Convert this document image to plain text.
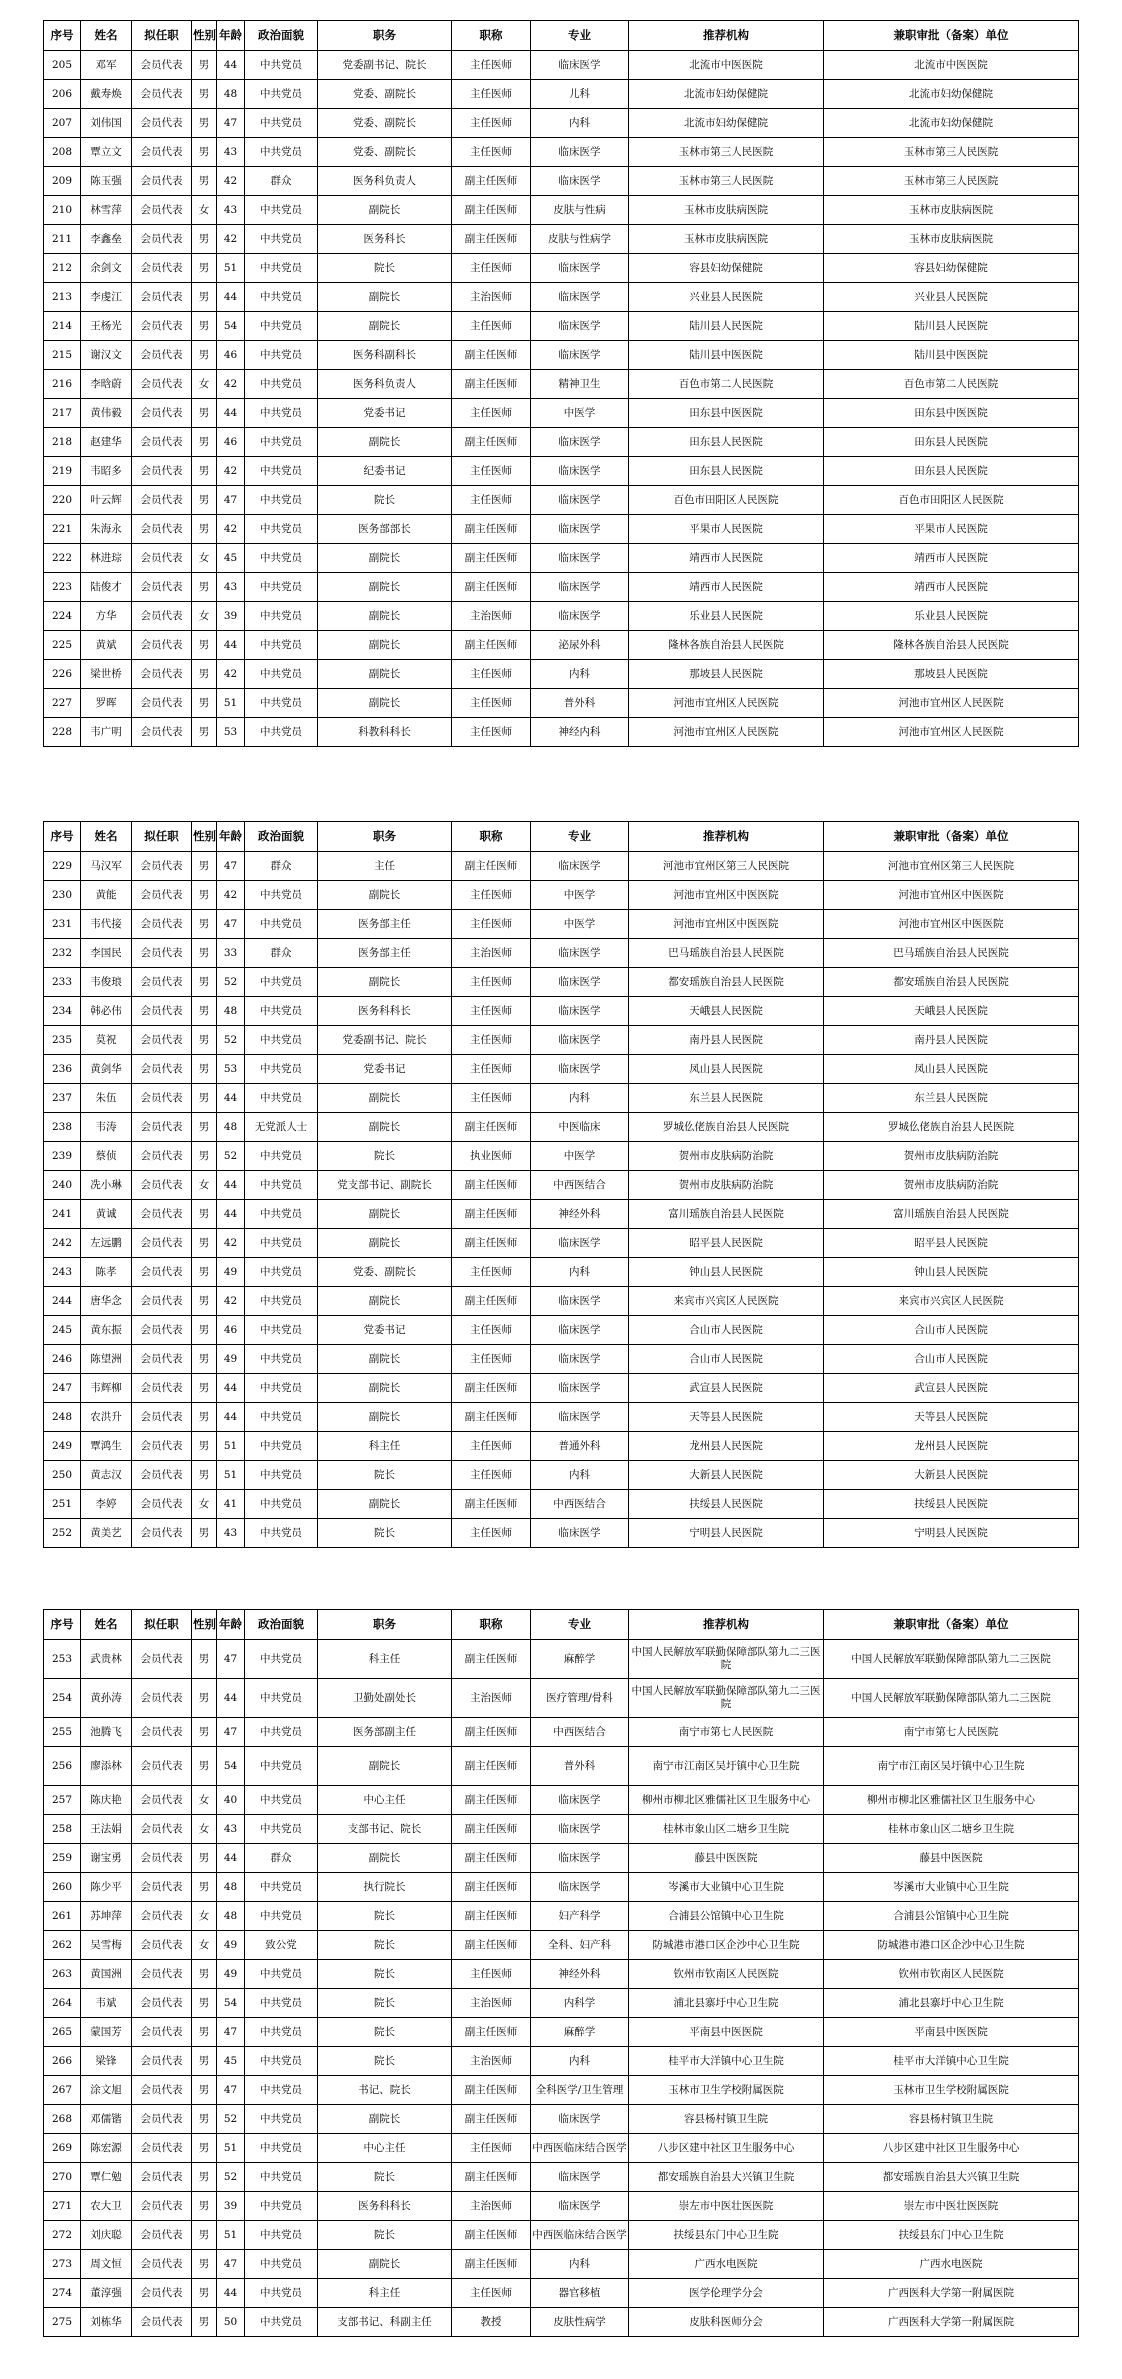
序号	姓名	拟任职	性别	年龄	政治面貌	职务	职称	专业	推荐机构	兼职审批（备案）单位
205	邓军	会员代表	男	44	中共党员	党委副书记、院长	主任医师	临床医学	北流市中医医院	北流市中医医院
206	戴寿焕	会员代表	男	48	中共党员	党委、副院长	主任医师	儿科	北流市妇幼保健院	北流市妇幼保健院
207	刘伟国	会员代表	男	47	中共党员	党委、副院长	主任医师	内科	北流市妇幼保健院	北流市妇幼保健院
208	覃立文	会员代表	男	43	中共党员	党委、副院长	主任医师	临床医学	玉林市第三人民医院	玉林市第三人民医院
209	陈玉强	会员代表	男	42	群众	医务科负责人	副主任医师	临床医学	玉林市第三人民医院	玉林市第三人民医院
210	林雪萍	会员代表	女	43	中共党员	副院长	副主任医师	皮肤与性病	玉林市皮肤病医院	玉林市皮肤病医院
211	李鑫垒	会员代表	男	42	中共党员	医务科长	副主任医师	皮肤与性病学	玉林市皮肤病医院	玉林市皮肤病医院
212	余剑文	会员代表	男	51	中共党员	院长	主任医师	临床医学	容县妇幼保健院	容县妇幼保健院
213	李虔江	会员代表	男	44	中共党员	副院长	主治医师	临床医学	兴业县人民医院	兴业县人民医院
214	王杨光	会员代表	男	54	中共党员	副院长	主任医师	临床医学	陆川县人民医院	陆川县人民医院
215	谢汉文	会员代表	男	46	中共党员	医务科副科长	副主任医师	临床医学	陆川县中医医院	陆川县中医医院
216	李晗蔚	会员代表	女	42	中共党员	医务科负责人	副主任医师	精神卫生	百色市第二人民医院	百色市第二人民医院
217	黄伟毅	会员代表	男	44	中共党员	党委书记	主任医师	中医学	田东县中医医院	田东县中医医院
218	赵建华	会员代表	男	46	中共党员	副院长	副主任医师	临床医学	田东县人民医院	田东县人民医院
219	韦昭多	会员代表	男	42	中共党员	纪委书记	主任医师	临床医学	田东县人民医院	田东县人民医院
220	叶云辉	会员代表	男	47	中共党员	院长	主任医师	临床医学	百色市田阳区人民医院	百色市田阳区人民医院
221	朱海永	会员代表	男	42	中共党员	医务部部长	副主任医师	临床医学	平果市人民医院	平果市人民医院
222	林进琮	会员代表	女	45	中共党员	副院长	副主任医师	临床医学	靖西市人民医院	靖西市人民医院
223	陆俊才	会员代表	男	43	中共党员	副院长	副主任医师	临床医学	靖西市人民医院	靖西市人民医院
224	方华	会员代表	女	39	中共党员	副院长	主治医师	临床医学	乐业县人民医院	乐业县人民医院
225	黄斌	会员代表	男	44	中共党员	副院长	副主任医师	泌尿外科	隆林各族自治县人民医院	隆林各族自治县人民医院
226	梁世桥	会员代表	男	42	中共党员	副院长	主任医师	内科	那坡县人民医院	那坡县人民医院
227	罗晖	会员代表	男	51	中共党员	副院长	主任医师	普外科	河池市宜州区人民医院	河池市宜州区人民医院
228	韦广明	会员代表	男	53	中共党员	科教科科长	主任医师	神经内科	河池市宜州区人民医院	河池市宜州区人民医院
序号	姓名	拟任职	性别	年龄	政治面貌	职务	职称	专业	推荐机构	兼职审批（备案）单位
229	马汉军	会员代表	男	47	群众	主任	副主任医师	临床医学	河池市宜州区第三人民医院	河池市宜州区第三人民医院
230	黄能	会员代表	男	42	中共党员	副院长	主任医师	中医学	河池市宜州区中医医院	河池市宜州区中医医院
231	韦代接	会员代表	男	47	中共党员	医务部主任	主任医师	中医学	河池市宜州区中医医院	河池市宜州区中医医院
232	李国民	会员代表	男	33	群众	医务部主任	主治医师	临床医学	巴马瑶族自治县人民医院	巴马瑶族自治县人民医院
233	韦俊琅	会员代表	男	52	中共党员	副院长	主任医师	临床医学	都安瑶族自治县人民医院	都安瑶族自治县人民医院
234	韩必伟	会员代表	男	48	中共党员	医务科科长	主任医师	临床医学	天峨县人民医院	天峨县人民医院
235	莫祝	会员代表	男	52	中共党员	党委副书记、院长	主任医师	临床医学	南丹县人民医院	南丹县人民医院
236	黄剑华	会员代表	男	53	中共党员	党委书记	主任医师	临床医学	凤山县人民医院	凤山县人民医院
237	朱伍	会员代表	男	44	中共党员	副院长	主任医师	内科	东兰县人民医院	东兰县人民医院
238	韦涛	会员代表	男	48	无党派人士	副院长	副主任医师	中医临床	罗城仫佬族自治县人民医院	罗城仫佬族自治县人民医院
239	蔡侦	会员代表	男	52	中共党员	院长	执业医师	中医学	贺州市皮肤病防治院	贺州市皮肤病防治院
240	冼小琳	会员代表	女	44	中共党员	党支部书记、副院长	副主任医师	中西医结合	贺州市皮肤病防治院	贺州市皮肤病防治院
241	黄诚	会员代表	男	44	中共党员	副院长	副主任医师	神经外科	富川瑶族自治县人民医院	富川瑶族自治县人民医院
242	左远鹏	会员代表	男	42	中共党员	副院长	副主任医师	临床医学	昭平县人民医院	昭平县人民医院
243	陈孝	会员代表	男	49	中共党员	党委、副院长	主任医师	内科	钟山县人民医院	钟山县人民医院
244	唐华念	会员代表	男	42	中共党员	副院长	副主任医师	临床医学	来宾市兴宾区人民医院	来宾市兴宾区人民医院
245	黄东振	会员代表	男	46	中共党员	党委书记	主任医师	临床医学	合山市人民医院	合山市人民医院
246	陈望洲	会员代表	男	49	中共党员	副院长	主任医师	临床医学	合山市人民医院	合山市人民医院
247	韦辉柳	会员代表	男	44	中共党员	副院长	副主任医师	临床医学	武宣县人民医院	武宣县人民医院
248	农洪升	会员代表	男	44	中共党员	副院长	副主任医师	临床医学	天等县人民医院	天等县人民医院
249	覃鸿生	会员代表	男	51	中共党员	科主任	主任医师	普通外科	龙州县人民医院	龙州县人民医院
250	黄志汉	会员代表	男	51	中共党员	院长	主任医师	内科	大新县人民医院	大新县人民医院
251	李婷	会员代表	女	41	中共党员	副院长	副主任医师	中西医结合	扶绥县人民医院	扶绥县人民医院
252	黄美艺	会员代表	男	43	中共党员	院长	主任医师	临床医学	宁明县人民医院	宁明县人民医院
序号	姓名	拟任职	性别	年龄	政治面貌	职务	职称	专业	推荐机构	兼职审批（备案）单位
253	武贵林	会员代表	男	47	中共党员	科主任	副主任医师	麻醉学	中国人民解放军联勤保障部队第九二三医院	中国人民解放军联勤保障部队第九二三医院
254	黄孙涛	会员代表	男	44	中共党员	卫勤处副处长	主治医师	医疗管理/骨科	中国人民解放军联勤保障部队第九二三医院	中国人民解放军联勤保障部队第九二三医院
255	池腾飞	会员代表	男	47	中共党员	医务部副主任	副主任医师	中西医结合	南宁市第七人民医院	南宁市第七人民医院
256	廖添林	会员代表	男	54	中共党员	副院长	副主任医师	普外科	南宁市江南区吴圩镇中心卫生院	南宁市江南区吴圩镇中心卫生院
257	陈庆艳	会员代表	女	40	中共党员	中心主任	副主任医师	临床医学	柳州市柳北区雅儒社区卫生服务中心	柳州市柳北区雅儒社区卫生服务中心
258	王法娟	会员代表	女	43	中共党员	支部书记、院长	副主任医师	临床医学	桂林市象山区二塘乡卫生院	桂林市象山区二塘乡卫生院
259	谢宝勇	会员代表	男	44	群众	副院长	副主任医师	临床医学	藤县中医医院	藤县中医医院
260	陈少平	会员代表	男	48	中共党员	执行院长	副主任医师	临床医学	岑溪市大业镇中心卫生院	岑溪市大业镇中心卫生院
261	苏坤萍	会员代表	女	48	中共党员	院长	副主任医师	妇产科学	合浦县公馆镇中心卫生院	合浦县公馆镇中心卫生院
262	吴雪梅	会员代表	女	49	致公党	院长	副主任医师	全科、妇产科	防城港市港口区企沙中心卫生院	防城港市港口区企沙中心卫生院
263	黄国洲	会员代表	男	49	中共党员	院长	主任医师	神经外科	钦州市钦南区人民医院	钦州市钦南区人民医院
264	韦斌	会员代表	男	54	中共党员	院长	主治医师	内科学	浦北县寨圩中心卫生院	浦北县寨圩中心卫生院
265	蒙国芳	会员代表	男	47	中共党员	院长	副主任医师	麻醉学	平南县中医医院	平南县中医医院
266	梁锋	会员代表	男	45	中共党员	院长	主治医师	内科	桂平市大洋镇中心卫生院	桂平市大洋镇中心卫生院
267	涂文旭	会员代表	男	47	中共党员	书记、院长	副主任医师	全科医学/卫生管理	玉林市卫生学校附属医院	玉林市卫生学校附属医院
268	邓儒锴	会员代表	男	52	中共党员	副院长	副主任医师	临床医学	容县杨村镇卫生院	容县杨村镇卫生院
269	陈宏源	会员代表	男	51	中共党员	中心主任	主任医师	中西医临床结合医学	八步区建中社区卫生服务中心	八步区建中社区卫生服务中心
270	覃仁勉	会员代表	男	52	中共党员	院长	副主任医师	临床医学	都安瑶族自治县大兴镇卫生院	都安瑶族自治县大兴镇卫生院
271	农大卫	会员代表	男	39	中共党员	医务科科长	主治医师	临床医学	崇左市中医壮医医院	崇左市中医壮医医院
272	刘庆聪	会员代表	男	51	中共党员	院长	副主任医师	中西医临床结合医学	扶绥县东门中心卫生院	扶绥县东门中心卫生院
273	周文恒	会员代表	男	47	中共党员	副院长	副主任医师	内科	广西水电医院	广西水电医院
274	董淳强	会员代表	男	44	中共党员	科主任	主任医师	器官移植	医学伦理学分会	广西医科大学第一附属医院
275	刘栋华	会员代表	男	50	中共党员	支部书记、科副主任	教授	皮肤性病学	皮肤科医师分会	广西医科大学第一附属医院
